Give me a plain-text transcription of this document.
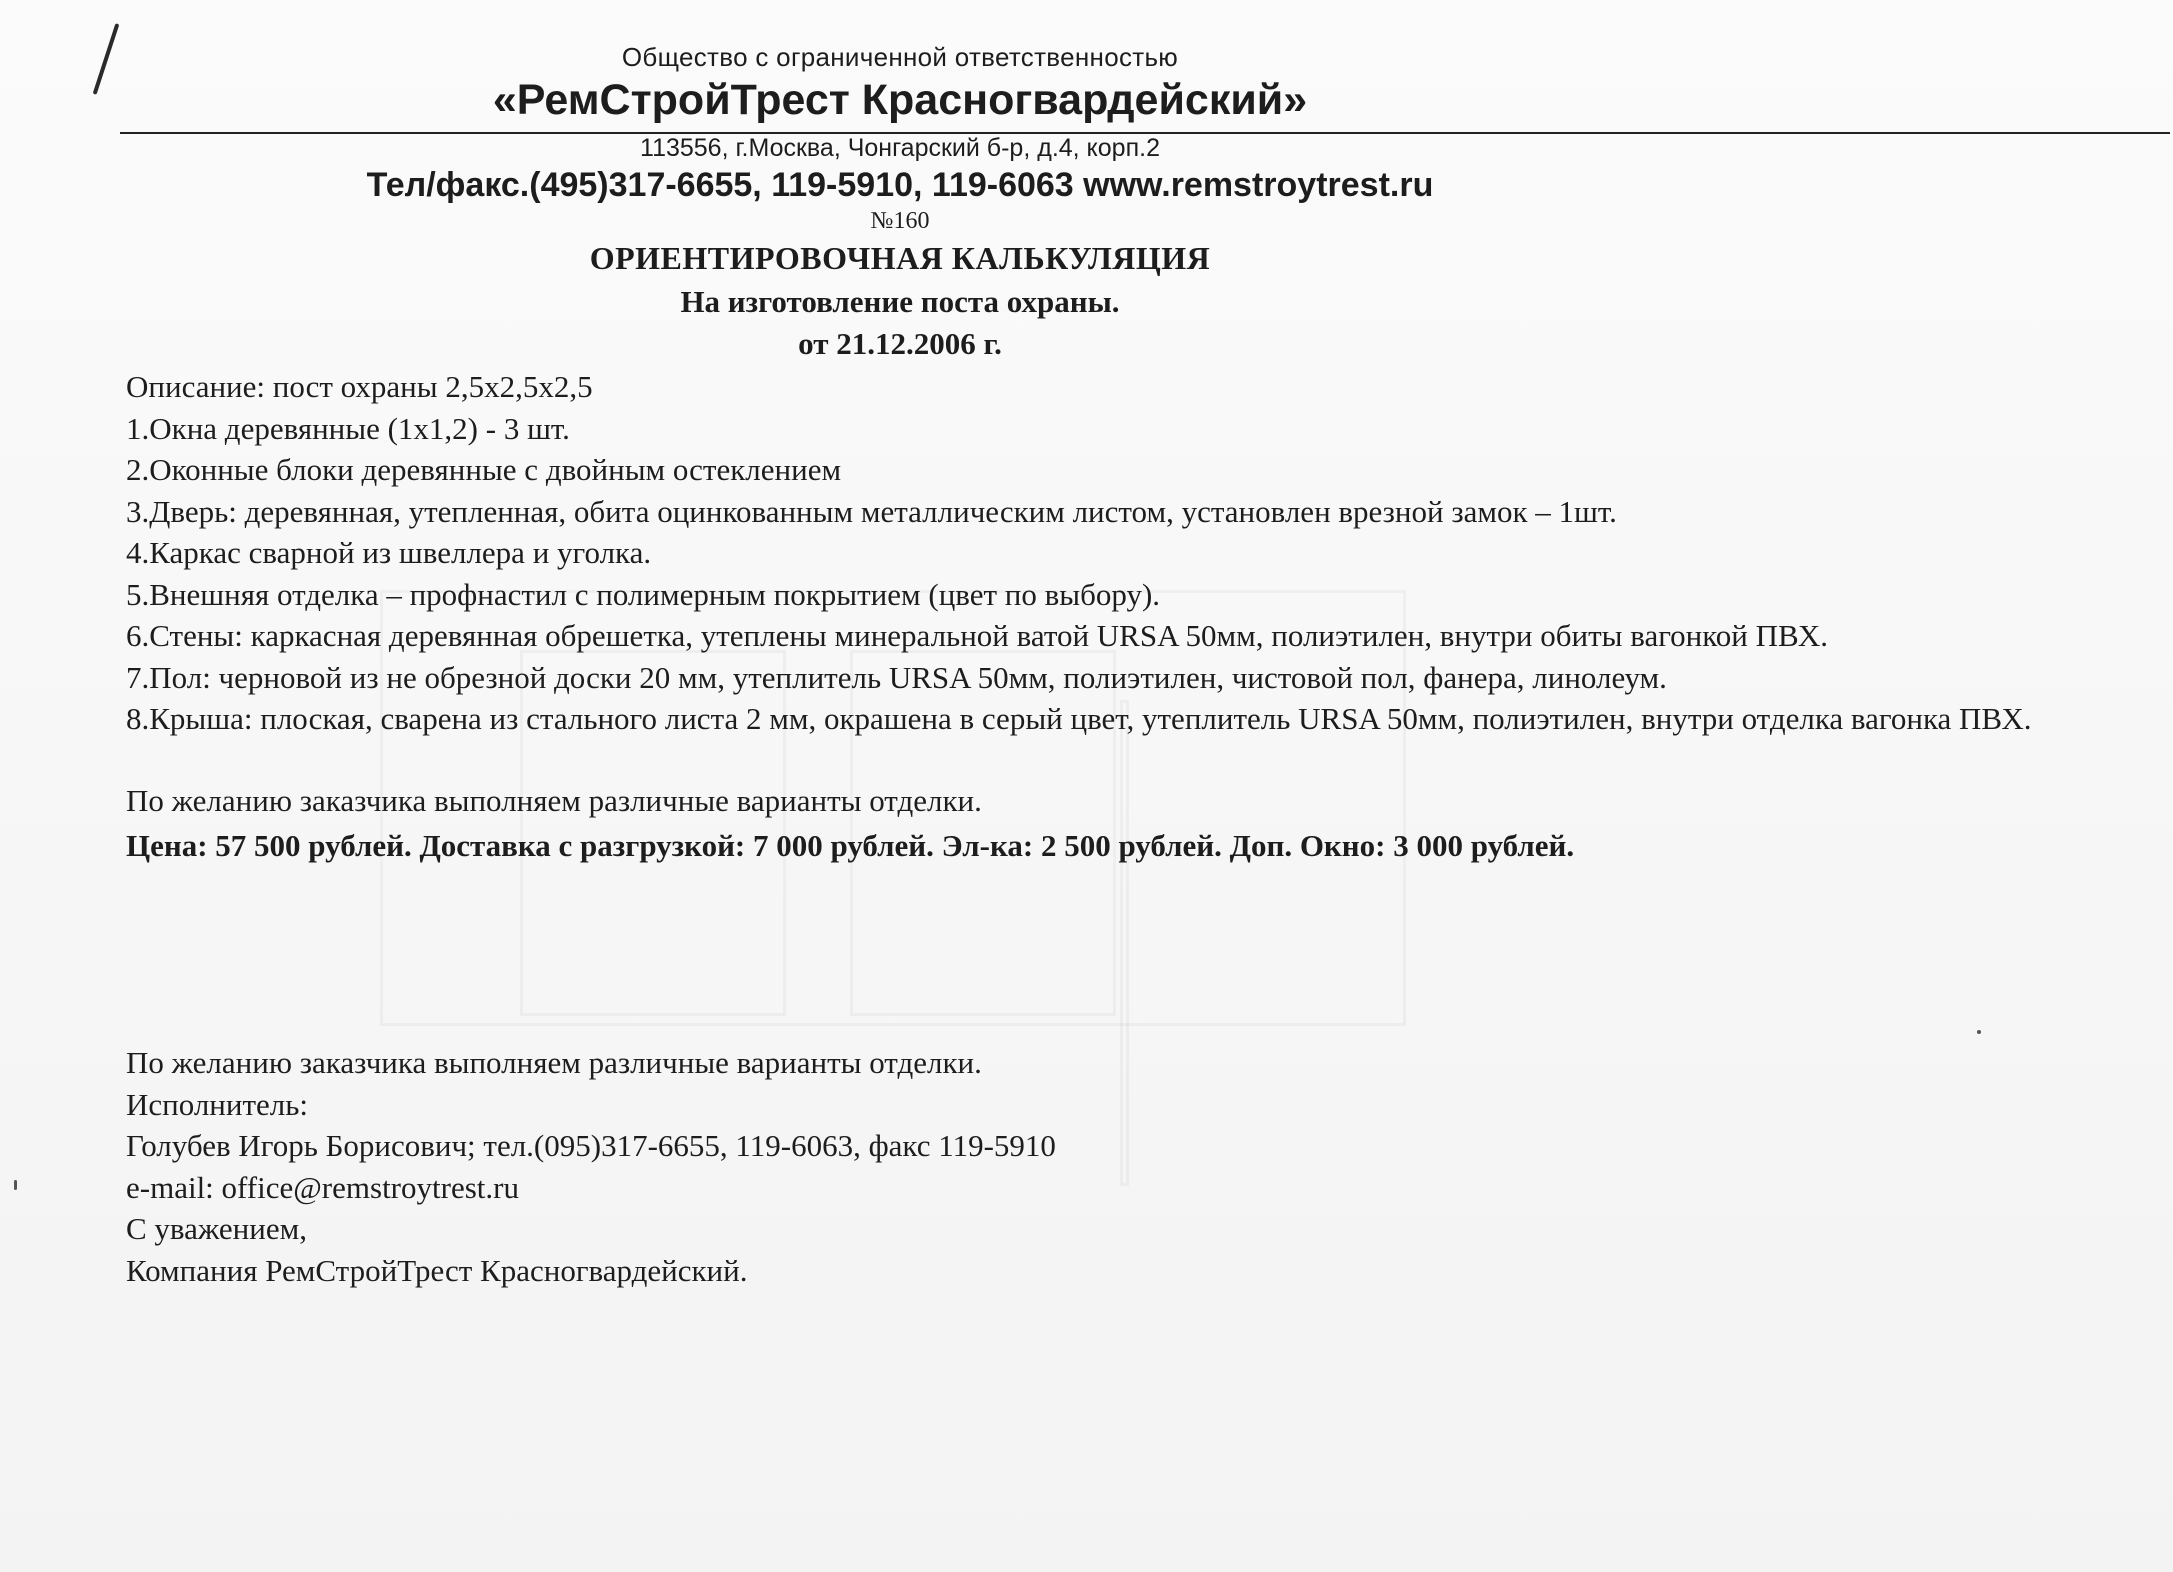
Общество с ограниченной ответственностью
«РемСтройТрест Красногвардейский»
113556, г.Москва, Чонгарский б-р, д.4, корп.2
Тел/факс.(495)317-6655, 119-5910, 119-6063 www.remstroytrest.ru
№160
ОРИЕНТИРОВОЧНАЯ КАЛЬКУЛЯЦИЯ
На изготовление поста охраны.
от 21.12.2006 г.
Описание: пост охраны 2,5x2,5x2,5
1.Окна деревянные (1x1,2) - 3 шт.
2.Оконные блоки деревянные с двойным остеклением
3.Дверь: деревянная, утепленная, обита оцинкованным металлическим листом, установлен врезной замок – 1шт.
4.Каркас сварной из швеллера и уголка.
5.Внешняя отделка – профнастил с полимерным покрытием (цвет по выбору).
6.Стены: каркасная деревянная обрешетка, утеплены минеральной ватой URSA 50мм, полиэтилен, внутри обиты вагонкой ПВХ.
7.Пол: черновой из не обрезной доски 20 мм, утеплитель URSA 50мм, полиэтилен, чистовой пол, фанера, линолеум.
8.Крыша: плоская, сварена из стального листа 2 мм, окрашена в серый цвет, утеплитель URSA 50мм, полиэтилен, внутри отделка вагонка ПВХ.
По желанию заказчика выполняем различные варианты отделки.
Цена: 57 500 рублей. Доставка с разгрузкой: 7 000 рублей. Эл-ка: 2 500 рублей. Доп. Окно: 3 000 рублей.
По желанию заказчика выполняем различные варианты отделки.
Исполнитель:
Голубев Игорь Борисович; тел.(095)317-6655, 119-6063, факс 119-5910
e-mail: office@remstroytrest.ru
С уважением,
Компания РемСтройТрест Красногвардейский.
